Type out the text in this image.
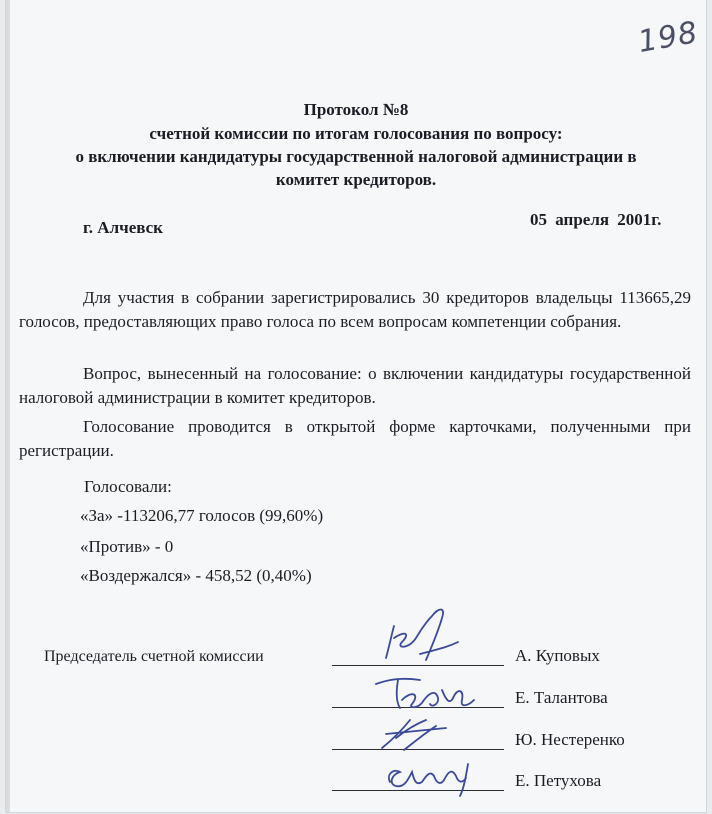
198
Протокол №8
счетной комиссии по итогам голосования по вопросу:
о включении кандидатуры государственной налоговой администрации в
комитет кредиторов.
г. Алчевск	05 апреля 2001г.

Для участия в собрании зарегистрировались 30 кредиторов владельцы 113665,29 голосов, предоставляющих право голоса по всем вопросам компетенции собрания.

Вопрос, вынесенный на голосование: о включении кандидатуры государственной налоговой администрации в комитет кредиторов.

Голосование проводится в открытой форме карточками, полученными при регистрации.

Голосовали:
«За» -113206,77 голосов (99,60%)
«Против» - 0
«Воздержался» - 458,52 (0,40%)
Председатель счетной комиссии	А. Куповых
Е. Талантова
Ю. Нестеренко
Е. Петухова
